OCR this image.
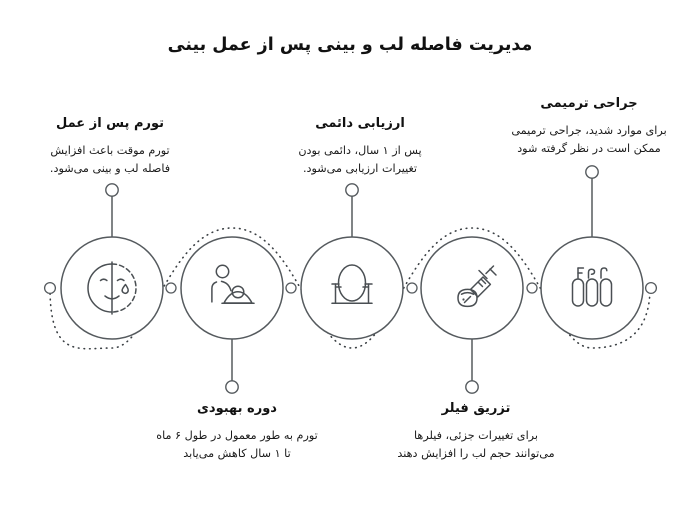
مدیریت فاصله لب و بینی پس از عمل بینی

تورم پس از عمل

تورم موقت باعث افزایش

فاصله لب و بینی می‌شود.

دوره بهبودی

تورم به طور معمول در طول ۶ ماه

تا ۱ سال کاهش می‌یابد

ارزیابی دائمی

پس از ۱ سال، دائمی بودن

تغییرات ارزیابی می‌شود.

تزریق فیلر

برای تغییرات جزئی، فیلرها

می‌توانند حجم لب را افزایش دهند

جراحی ترمیمی

برای موارد شدید، جراحی ترمیمی

ممکن است در نظر گرفته شود
